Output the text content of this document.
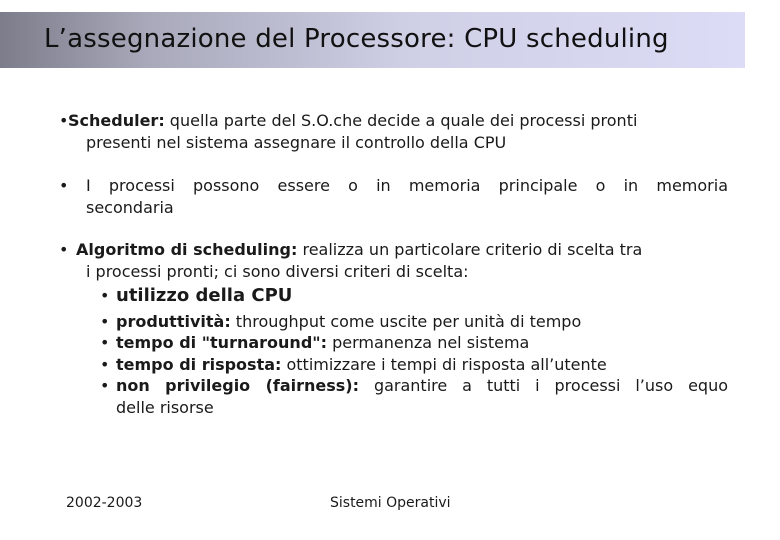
L’assegnazione del Processore: CPU scheduling
• Scheduler: quella parte del S.O.che decide a quale dei processi pronti
presenti nel sistema assegnare il controllo della CPU
•	I processi possono essere o in memoria principale o in memoria
secondaria
• Algoritmo di scheduling: realizza un particolare criterio di scelta tra
i processi pronti; ci sono diversi criteri di scelta:
• utilizzo della CPU
• produttività: throughput come uscite per unità di tempo
• tempo di "turnaround": permanenza nel sistema
• tempo di risposta: ottimizzare i tempi di risposta all’utente
• non privilegio (fairness): garantire a tutti i processi l’uso equo
delle risorse
2002-2003	Sistemi Operativi
